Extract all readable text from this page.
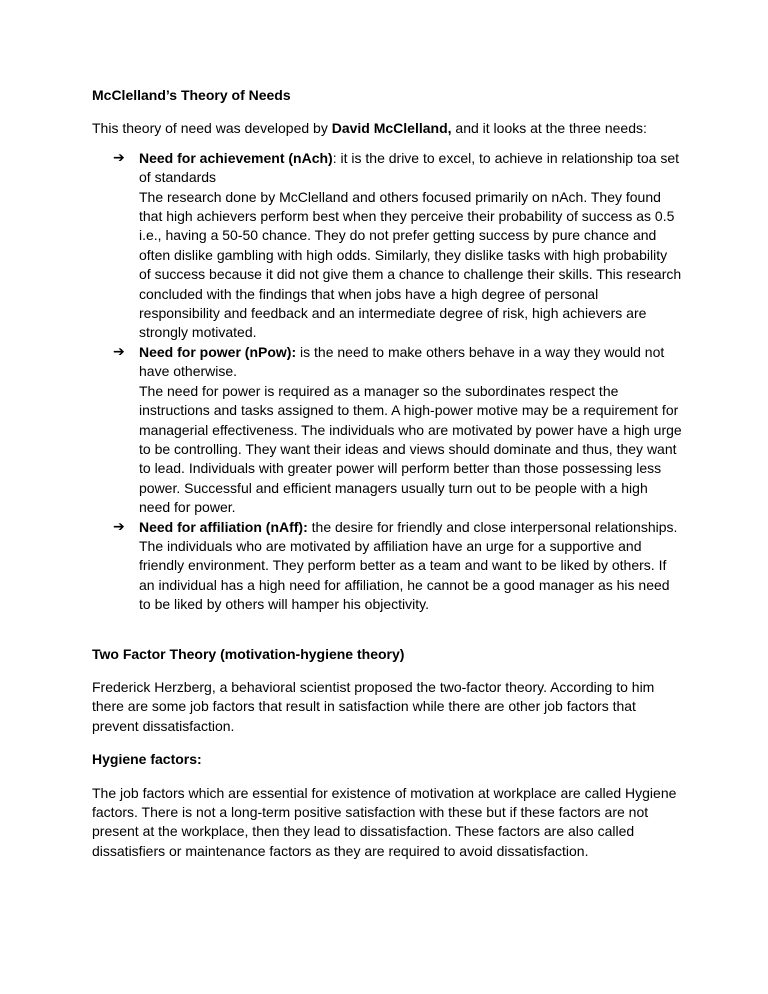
McClelland’s Theory of Needs

This theory of need was developed by David McClelland, and it looks at the three needs:

➔ Need for achievement (nAch): it is the drive to excel, to achieve in relationship toa set of standards
The research done by McClelland and others focused primarily on nAch. They found that high achievers perform best when they perceive their probability of success as 0.5 i.e., having a 50-50 chance. They do not prefer getting success by pure chance and often dislike gambling with high odds. Similarly, they dislike tasks with high probability of success because it did not give them a chance to challenge their skills. This research concluded with the findings that when jobs have a high degree of personal responsibility and feedback and an intermediate degree of risk, high achievers are strongly motivated.
➔ Need for power (nPow): is the need to make others behave in a way they would not have otherwise.
The need for power is required as a manager so the subordinates respect the instructions and tasks assigned to them. A high-power motive may be a requirement for managerial effectiveness. The individuals who are motivated by power have a high urge to be controlling. They want their ideas and views should dominate and thus, they want to lead. Individuals with greater power will perform better than those possessing less power. Successful and efficient managers usually turn out to be people with a high need for power.
➔ Need for affiliation (nAff): the desire for friendly and close interpersonal relationships.
The individuals who are motivated by affiliation have an urge for a supportive and friendly environment. They perform better as a team and want to be liked by others. If an individual has a high need for affiliation, he cannot be a good manager as his need to be liked by others will hamper his objectivity.

Two Factor Theory (motivation-hygiene theory)

Frederick Herzberg, a behavioral scientist proposed the two-factor theory. According to him there are some job factors that result in satisfaction while there are other job factors that prevent dissatisfaction.

Hygiene factors:

The job factors which are essential for existence of motivation at workplace are called Hygiene factors. There is not a long-term positive satisfaction with these but if these factors are not present at the workplace, then they lead to dissatisfaction. These factors are also called dissatisfiers or maintenance factors as they are required to avoid dissatisfaction.
